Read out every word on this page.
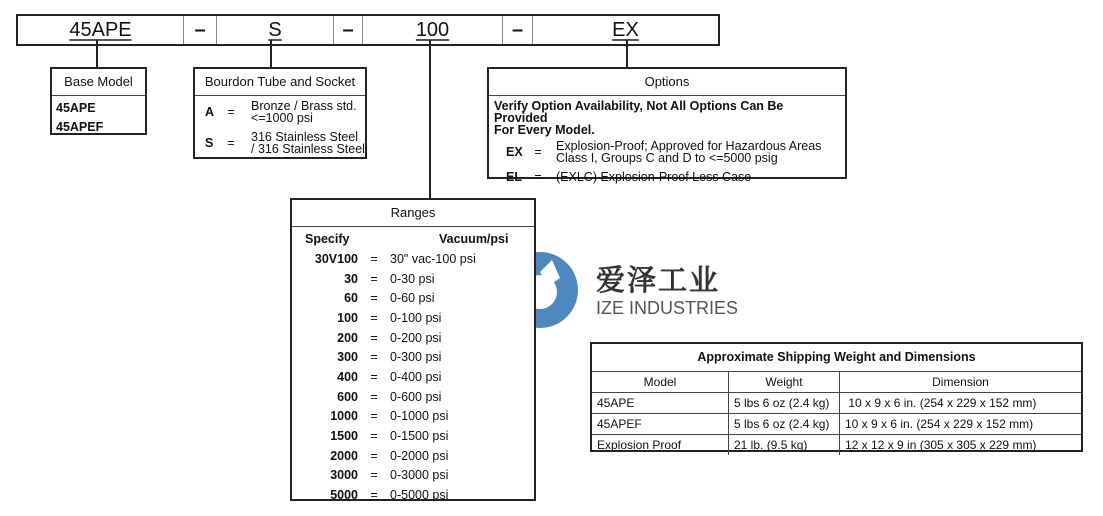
45APE	–	S	–	100	–	EX
Base Model
45APE
45APEF
Bourdon Tube and Socket
A	=	Bronze / Brass std.
<=1000 psi
S	=	316 Stainless Steel
/ 316 Stainless Steel
Options
Verify Option Availability, Not All Options Can Be Provided
For Every Model.
EX =	Explosion-Proof; Approved for Hazardous Areas
Class I, Groups C and D to <=5000 psig
EL =	(EXLC) Explosion-Proof Less Case
爱泽工业
IZE INDUSTRIES
Ranges
Specify	Vacuum/psi
30V100 = 30" vac-100 psi
30 = 0-30 psi
60 = 0-60 psi
100 = 0-100 psi
200 = 0-200 psi
300 = 0-300 psi
400 = 0-400 psi
600 = 0-600 psi
1000 = 0-1000 psi
1500 = 0-1500 psi
2000 = 0-2000 psi
3000 = 0-3000 psi
5000 = 0-5000 psi
Approximate Shipping Weight and Dimensions
Model	Weight	Dimension
45APE	5 lbs 6 oz (2.4 kg)	10 x 9 x 6 in. (254 x 229 x 152 mm)
45APEF	5 lbs 6 oz (2.4 kg)	10 x 9 x 6 in. (254 x 229 x 152 mm)
Explosion Proof	21 lb. (9.5 kg)	12 x 12 x 9 in (305 x 305 x 229 mm)
